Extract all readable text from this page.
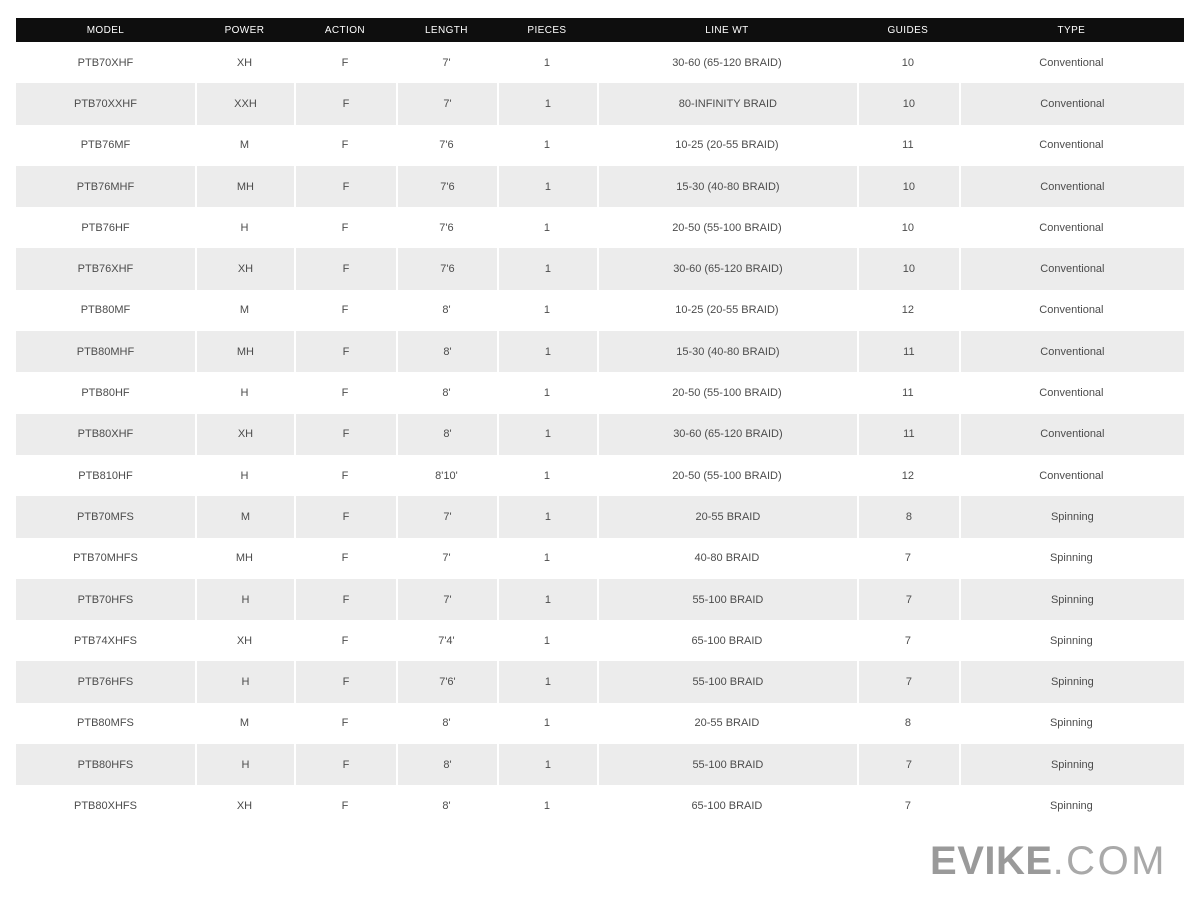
MODEL	POWER	ACTION	LENGTH	PIECES	LINE WT	GUIDES	TYPE
PTB70XHF	XH	F	7'	1	30-60 (65-120 BRAID)	10	Conventional
PTB70XXHF	XXH	F	7'	1	80-INFINITY BRAID	10	Conventional
PTB76MF	M	F	7'6	1	10-25 (20-55 BRAID)	11	Conventional
PTB76MHF	MH	F	7'6	1	15-30 (40-80 BRAID)	10	Conventional
PTB76HF	H	F	7'6	1	20-50 (55-100 BRAID)	10	Conventional
PTB76XHF	XH	F	7'6	1	30-60 (65-120 BRAID)	10	Conventional
PTB80MF	M	F	8'	1	10-25 (20-55 BRAID)	12	Conventional
PTB80MHF	MH	F	8'	1	15-30 (40-80 BRAID)	11	Conventional
PTB80HF	H	F	8'	1	20-50 (55-100 BRAID)	11	Conventional
PTB80XHF	XH	F	8'	1	30-60 (65-120 BRAID)	11	Conventional
PTB810HF	H	F	8'10'	1	20-50 (55-100 BRAID)	12	Conventional
PTB70MFS	M	F	7'	1	20-55 BRAID	8	Spinning
PTB70MHFS	MH	F	7'	1	40-80 BRAID	7	Spinning
PTB70HFS	H	F	7'	1	55-100 BRAID	7	Spinning
PTB74XHFS	XH	F	7'4'	1	65-100 BRAID	7	Spinning
PTB76HFS	H	F	7'6'	1	55-100 BRAID	7	Spinning
PTB80MFS	M	F	8'	1	20-55 BRAID	8	Spinning
PTB80HFS	H	F	8'	1	55-100 BRAID	7	Spinning
PTB80XHFS	XH	F	8'	1	65-100 BRAID	7	Spinning
EVIKE.COM
